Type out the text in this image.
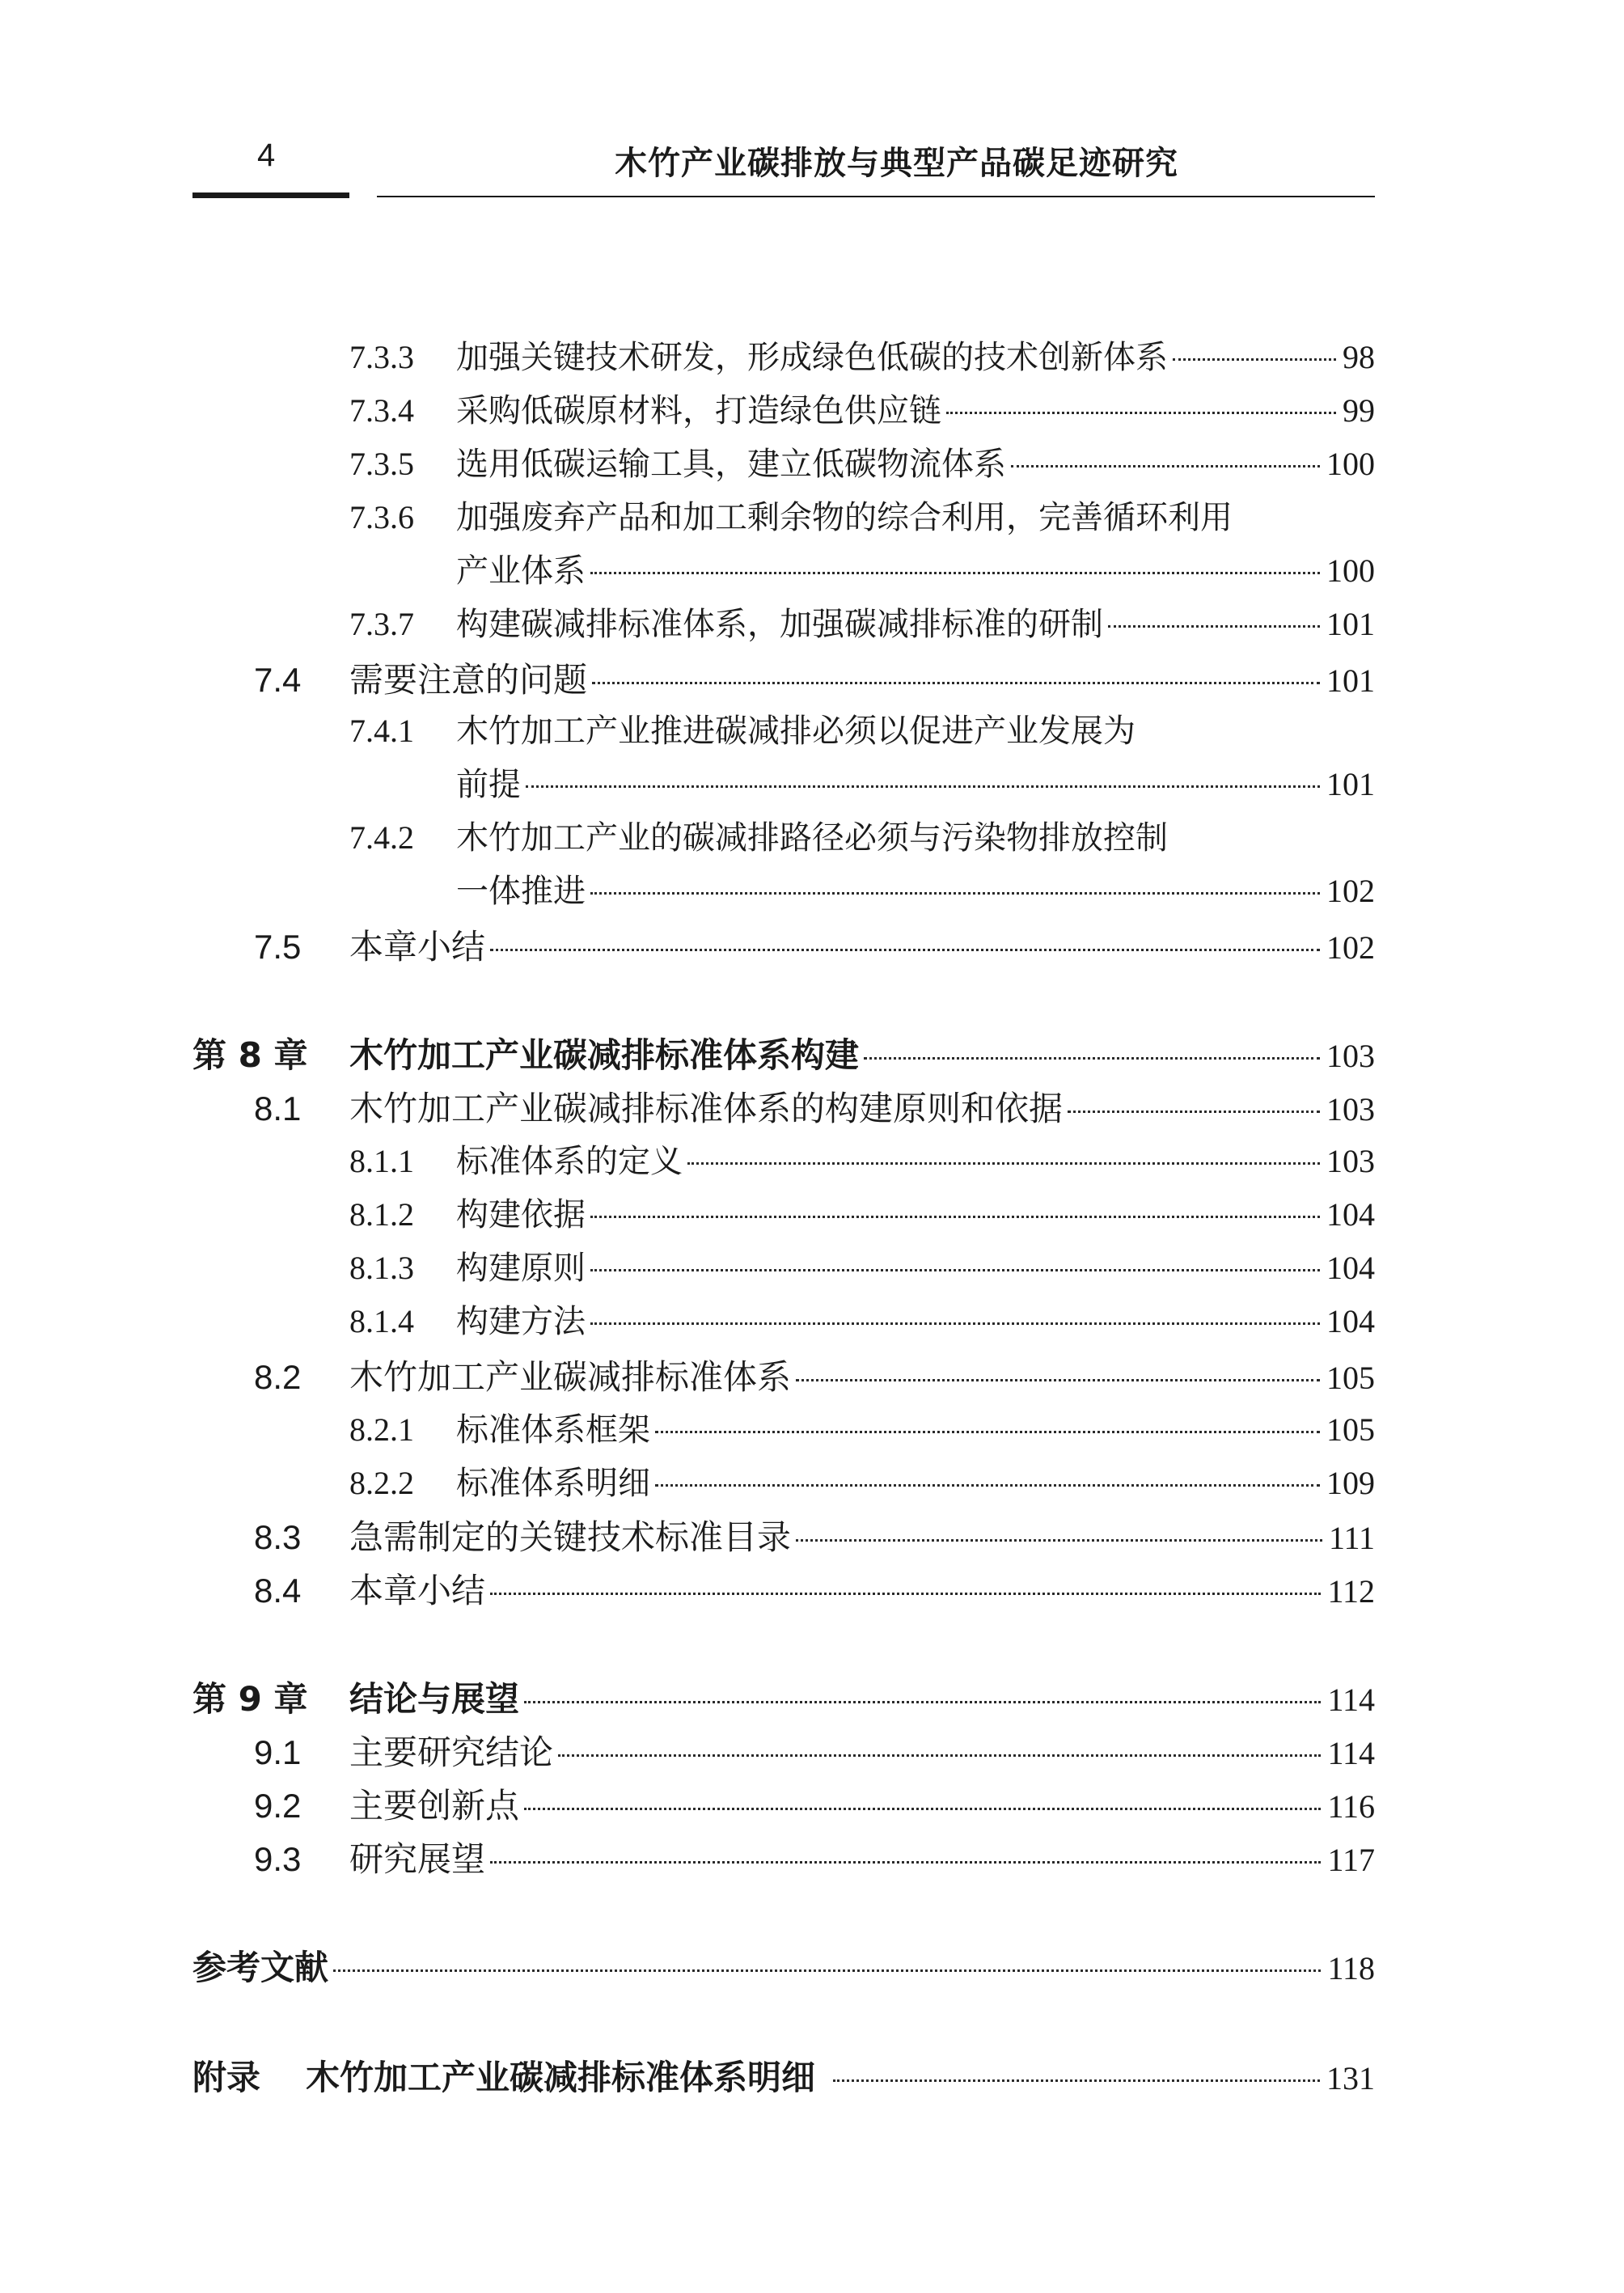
4	木竹产业碳排放与典型产品碳足迹研究
7.3.3	加强关键技术研发，形成绿色低碳的技术创新体系	98
7.3.4	采购低碳原材料，打造绿色供应链	99
7.3.5	选用低碳运输工具，建立低碳物流体系	100
7.3.6	加强废弃产品和加工剩余物的综合利用，完善循环利用
产业体系	100
7.3.7	构建碳减排标准体系，加强碳减排标准的研制	101
7.4	需要注意的问题	101
7.4.1	木竹加工产业推进碳减排必须以促进产业发展为
前提	101
7.4.2	木竹加工产业的碳减排路径必须与污染物排放控制
一体推进	102
7.5	本章小结	102
第 8 章	木竹加工产业碳减排标准体系构建	103
8.1	木竹加工产业碳减排标准体系的构建原则和依据	103
8.1.1	标准体系的定义	103
8.1.2	构建依据	104
8.1.3	构建原则	104
8.1.4	构建方法	104
8.2	木竹加工产业碳减排标准体系	105
8.2.1	标准体系框架	105
8.2.2	标准体系明细	109
8.3	急需制定的关键技术标准目录	111
8.4	本章小结	112
第 9 章	结论与展望	114
9.1	主要研究结论	114
9.2	主要创新点	116
9.3	研究展望	117
参考文献	118
附录	木竹加工产业碳减排标准体系明细	131
